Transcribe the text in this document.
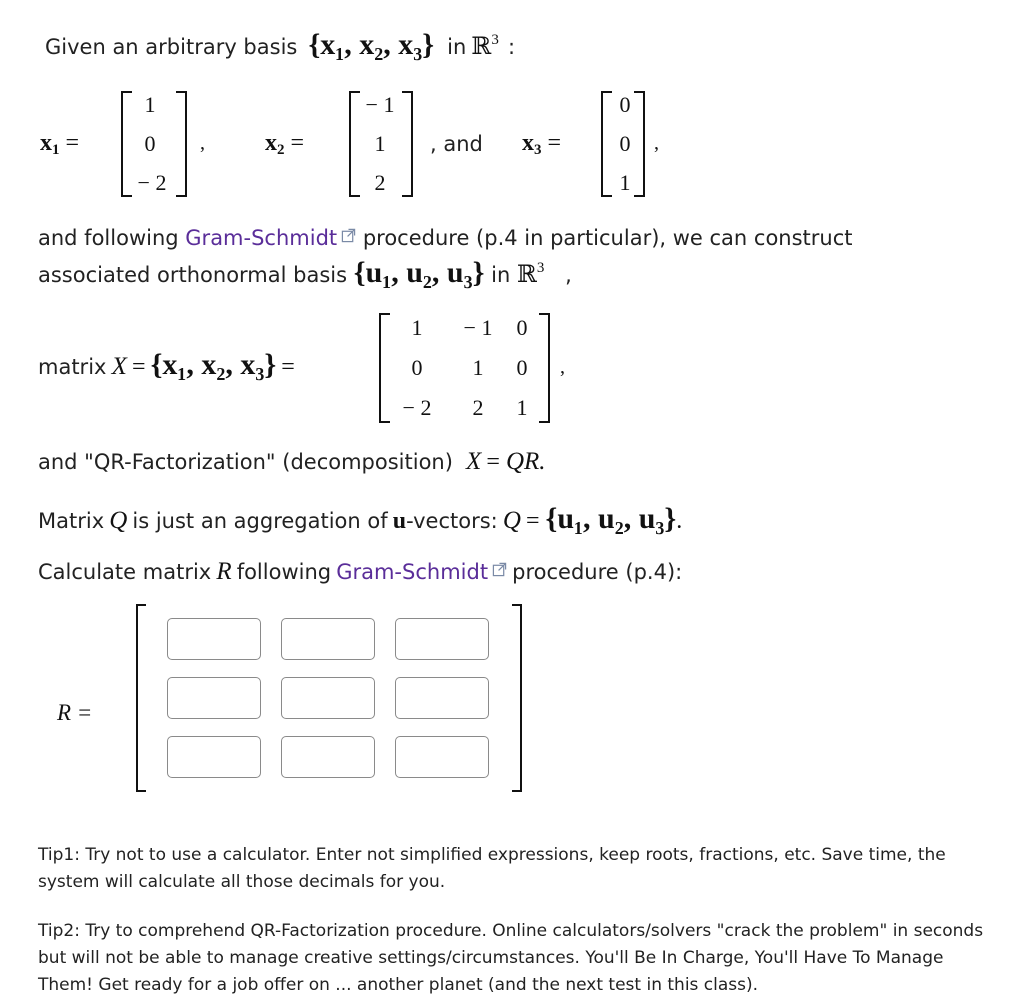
Given an arbitrary basis {x₁, x₂, x₃} in ℝ$^3$ :
$x_1$ =
1
0
− 2
,	$x_2$ =
− 1
1
2
, and $x_3$ =
0
0
1
,
and following Gram-Schmidt procedure (p.4 in particular), we can construct
associated orthonormal basis {u₁, u₂, u₃} in ℝ$^3$ ,
matrix X = {x₁, x₂, x₃} =
1	− 1	0
0	1	0
− 2	2	1
,
and "QR-Factorization" (decomposition) X = QR.
Matrix Q is just an aggregation of u-vectors: Q = {u₁, u₂, u₃}.
Calculate matrix R following Gram-Schmidt procedure (p.4):
R =
Tip1: Try not to use a calculator. Enter not simplified expressions, keep roots, fractions, etc. Save time, the system will calculate all those decimals for you.
Tip2: Try to comprehend QR-Factorization procedure. Online calculators/solvers "crack the problem" in seconds but will not be able to manage creative settings/circumstances. You'll Be In Charge, You'll Have To Manage Them! Get ready for a job offer on ... another planet (and the next test in this class).
